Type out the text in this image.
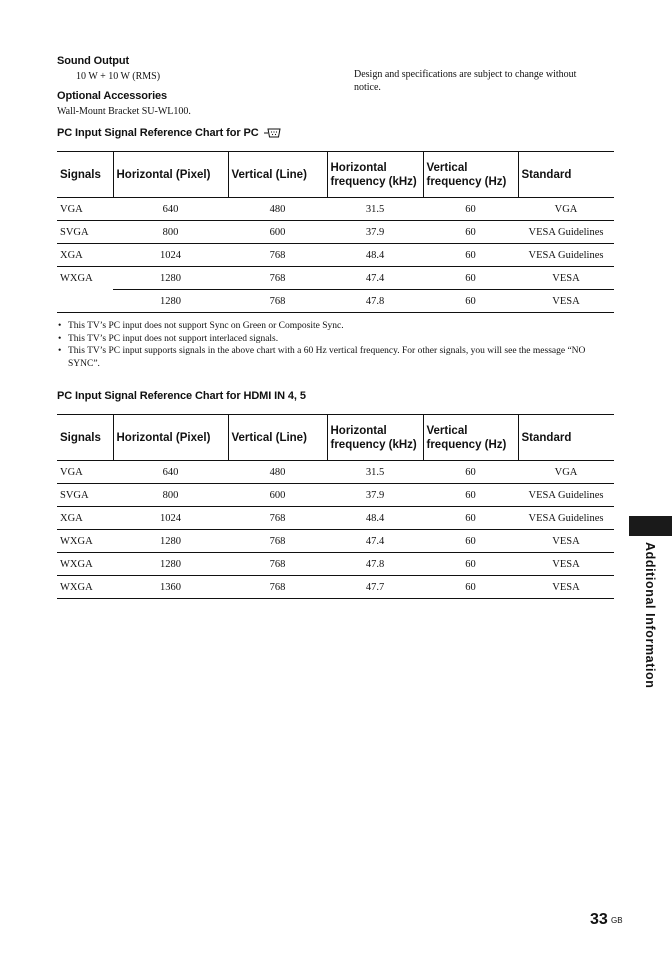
Sound Output
10 W + 10 W (RMS)
Optional Accessories
Wall-Mount Bracket SU-WL100.
Design and specifications are subject to change without notice.
PC Input Signal Reference Chart for PC
Signals	Horizontal (Pixel)	Vertical (Line)	Horizontal frequency (kHz)	Vertical frequency (Hz)	Standard
VGA	640	480	31.5	60	VGA
SVGA	800	600	37.9	60	VESA Guidelines
XGA	1024	768	48.4	60	VESA Guidelines
WXGA	1280	768	47.4	60	VESA
	1280	768	47.8	60	VESA
• This TV’s PC input does not support Sync on Green or Composite Sync.
• This TV’s PC input does not support interlaced signals.
• This TV’s PC input supports signals in the above chart with a 60 Hz vertical frequency. For other signals, you will see the message “NO SYNC”.
PC Input Signal Reference Chart for HDMI IN 4, 5
Signals	Horizontal (Pixel)	Vertical (Line)	Horizontal frequency (kHz)	Vertical frequency (Hz)	Standard
VGA	640	480	31.5	60	VGA
SVGA	800	600	37.9	60	VESA Guidelines
XGA	1024	768	48.4	60	VESA Guidelines
WXGA	1280	768	47.4	60	VESA
WXGA	1280	768	47.8	60	VESA
WXGA	1360	768	47.7	60	VESA	Additional Information
33 GB
